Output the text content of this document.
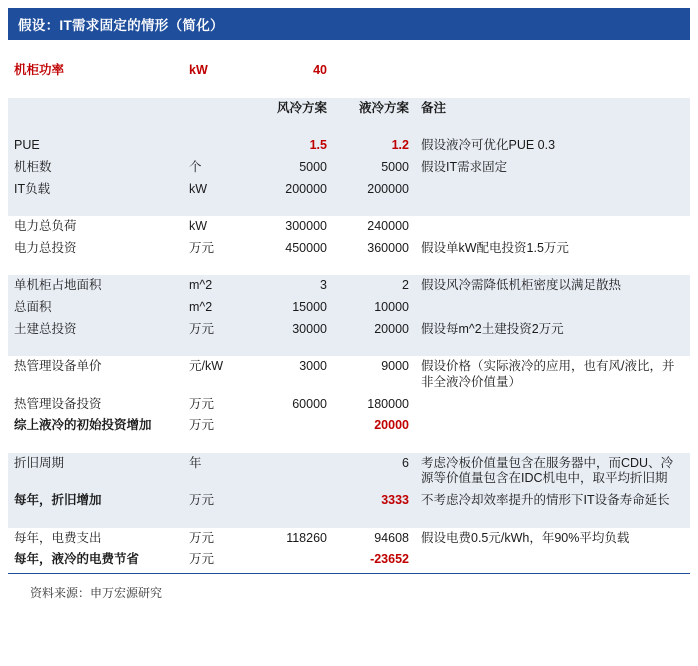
假设：IT需求固定的情形（简化）

机柜功率	kW	40		

		风冷方案	液冷方案	备注

PUE		1.5	1.2	假设液冷可优化PUE 0.3
机柜数	个	5000	5000	假设IT需求固定
IT负载	kW	200000	200000	

电力总负荷	kW	300000	240000	
电力总投资	万元	450000	360000	假设单kW配电投资1.5万元

单机柜占地面积	m^2	3	2	假设风冷需降低机柜密度以满足散热
总面积	m^2	15000	10000	
土建总投资	万元	30000	20000	假设每m^2土建投资2万元

热管理设备单价	元/kW	3000	9000	假设价格（实际液冷的应用，也有风/液比，并非全液冷价值量）
热管理设备投资	万元	60000	180000	
综上液冷的初始投资增加	万元		20000	

折旧周期	年		6	考虑冷板价值量包含在服务器中，而CDU、冷源等价值量包含在IDC机电中，取平均折旧期
每年，折旧增加	万元		3333	不考虑冷却效率提升的情形下IT设备寿命延长

每年，电费支出	万元	118260	94608	假设电费0.5元/kWh，年90%平均负载
每年，液冷的电费节省	万元		-23652	
资料来源：申万宏源研究
